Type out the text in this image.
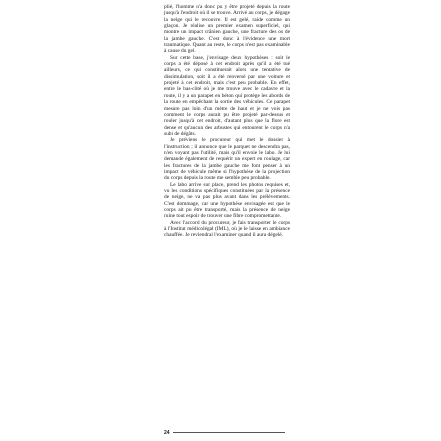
plié, l'homme n'a donc pu y être projeté depuis la route jusqu'à l'endroit où il se trouve. Arrivé au corps, je dégage la neige qui le recouvre. Il est gelé, raide comme un glaçon. Je réalise un premier examen superficiel, qui montre un impact crânien gauche, une fracture des os de la jambe gauche. C'est donc à l'évidence une mort traumatique. Quant au reste, le corps n'est pas examinable à cause du gel.

Sur cette base, j'envisage deux hypothèses : soit le corps a été déposé à cet endroit après qu'il a été tué ailleurs, ce qui constituerait alors une tentative de dissimulation, soit il a été renversé par une voiture et projeté à cet endroit, mais c'est peu probable. En effet, entre le bas-côté où je me trouve avec le cadavre et la route, il y a un parapet en béton qui protège les abords de la route en empêchant la sortie des véhicules. Ce parapet mesure pas loin d'un mètre de haut et je ne vois pas comment le corps aurait pu être projeté par-dessus et rouler jusqu'à cet endroit, d'autant plus que la flore est dense et qu'aucun des arbustes qui entourent le corps n'a subi de dégâts.

Je préviens le procureur qui met le dossier à l'instruction ; il annonce que le parquet ne descendra pas, n'en voyant pas l'utilité, mais qu'il envoie le labo. Je lui demande également de requérir un expert en roulage, car les fractures de la jambe gauche me font penser à un impact de véhicule même si l'hypothèse de la projection du corps depuis la route me semble peu probable.

Le labo arrive sur place, prend les photos requises et, vu les conditions spécifiques constituées par la présence de neige, ne va pas plus avant dans les prélèvements. C'est dommage, car une hypothèse envisagée est que le corps ait pu être transporté, mais la présence de neige ruine tout espoir de trouver une fibre compromettante.

Avec l'accord du procureur, je fais transporter le corps à l'Institut médicolégal (IML), où je le laisse en ambiance chauffée. Je reviendrai l'examiner quand il aura dégelé.

24
